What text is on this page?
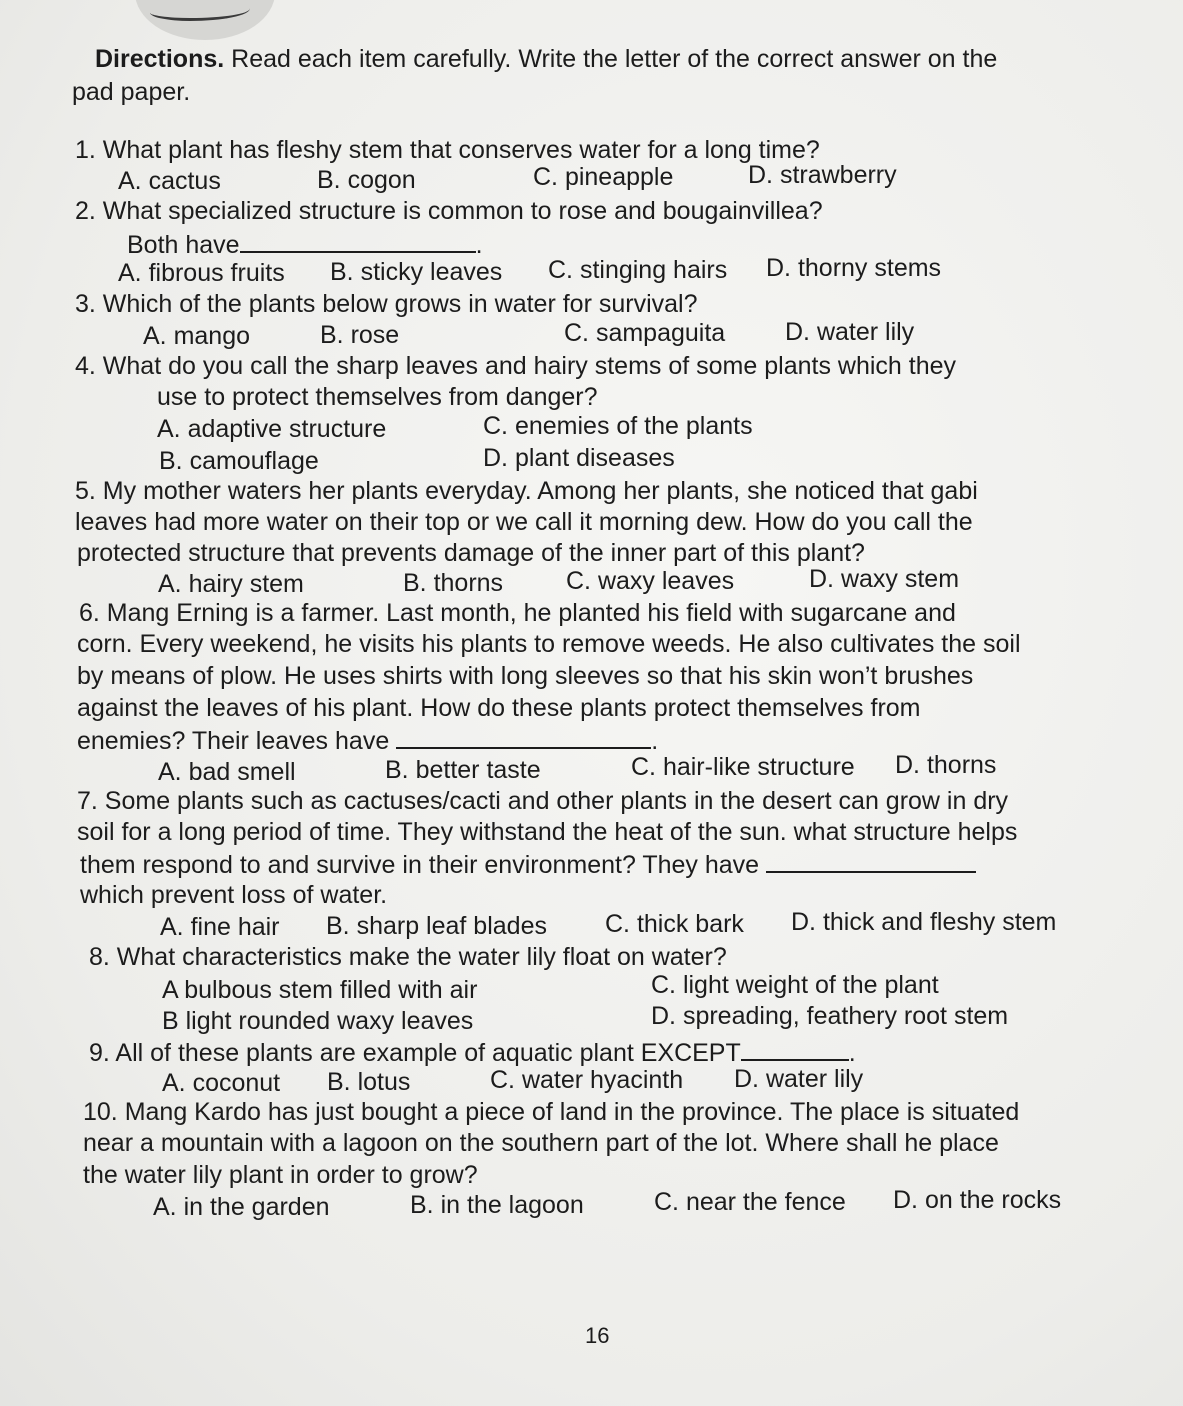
Directions. Read each item carefully. Write the letter of the correct answer on the
pad paper.
1. What plant has fleshy stem that conserves water for a long time?
A. cactus	B. cogon	C. pineapple	D. strawberry
2. What specialized structure is common to rose and bougainvillea?
Both have	.
A. fibrous fruits B. sticky leaves C. stinging hairs D. thorny stems
3. Which of the plants below grows in water for survival?
A. mango	B. rose	C. sampaguita D. water lily
4. What do you call the sharp leaves and hairy stems of some plants which they
use to protect themselves from danger?
A. adaptive structure	C. enemies of the plants
B. camouflage	D. plant diseases
5. My mother waters her plants everyday. Among her plants, she noticed that gabi
leaves had more water on their top or we call it morning dew. How do you call the
protected structure that prevents damage of the inner part of this plant?
A. hairy stem	B. thorns	C. waxy leaves	D. waxy stem
6. Mang Erning is a farmer. Last month, he planted his field with sugarcane and
corn. Every weekend, he visits his plants to remove weeds. He also cultivates the soil
by means of plow. He uses shirts with long sleeves so that his skin won’t brushes
against the leaves of his plant. How do these plants protect themselves from
enemies? Their leaves have	.
A. bad smell	B. better taste	C. hair-like structure D. thorns
7. Some plants such as cactuses/cacti and other plants in the desert can grow in dry
soil for a long period of time. They withstand the heat of the sun. what structure helps
them respond to and survive in their environment? They have
which prevent loss of water.
A. fine hair B. sharp leaf blades C. thick bark D. thick and fleshy stem
8. What characteristics make the water lily float on water?
A bulbous stem filled with air	C. light weight of the plant
B light rounded waxy leaves	D. spreading, feathery root stem
9. All of these plants are example of aquatic plant EXCEPT	.
A. coconut B. lotus	C. water hyacinth D. water lily
10. Mang Kardo has just bought a piece of land in the province. The place is situated
near a mountain with a lagoon on the southern part of the lot. Where shall he place
the water lily plant in order to grow?
A. in the garden	B. in the lagoon	C. near the fence D. on the rocks
16
